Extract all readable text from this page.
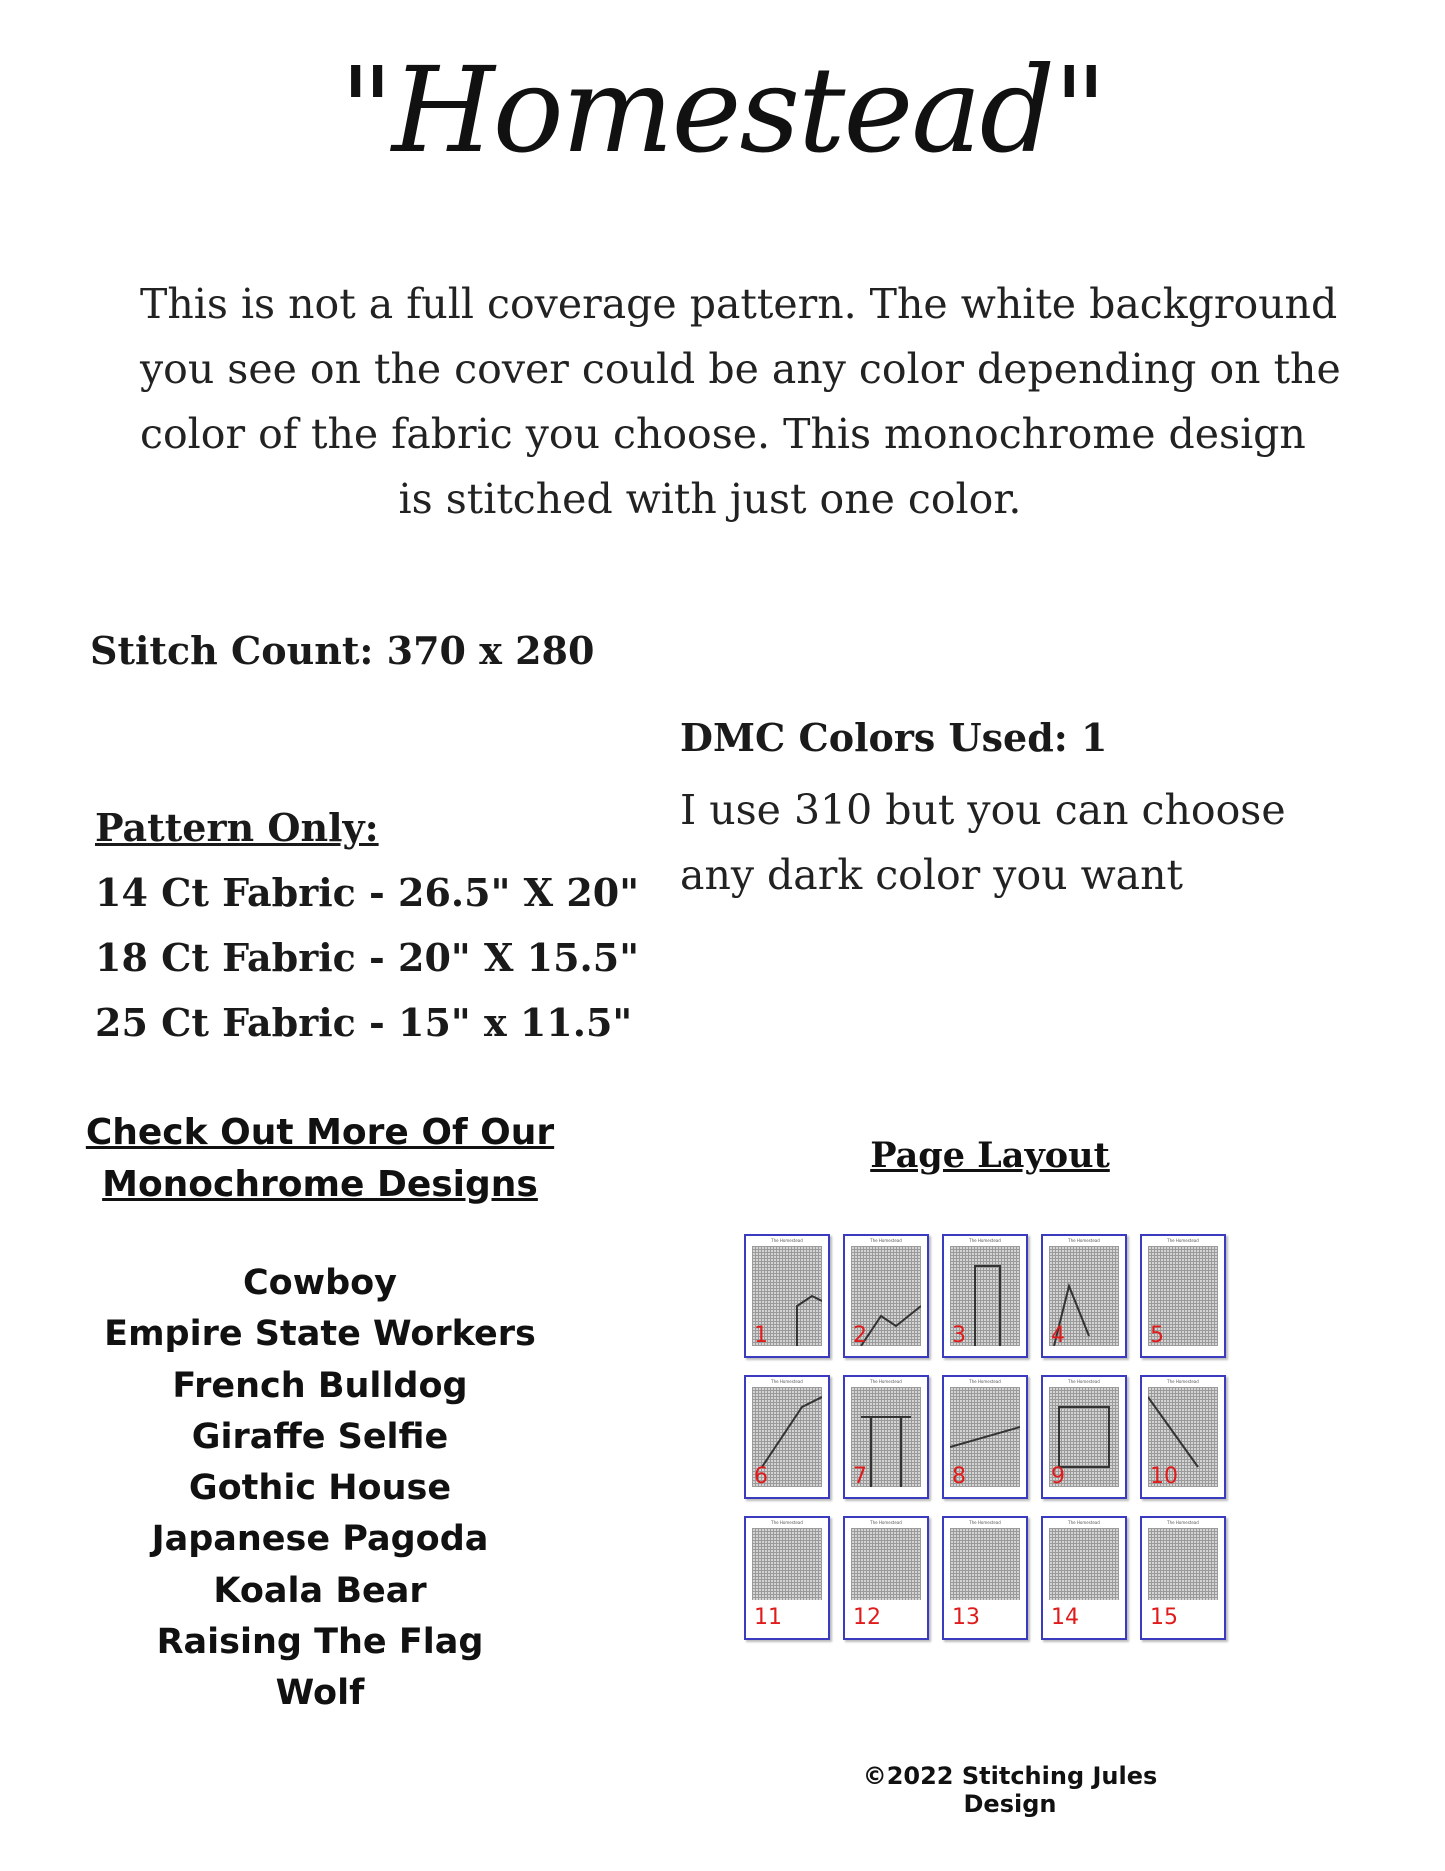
"Homestead"
This is not a full coverage pattern. The white background
you see on the cover could be any color depending on the
color of the fabric you choose. This monochrome design
is stitched with just one color.
Stitch Count: 370 x 280
DMC Colors Used: 1
I use 310 but you can choose
any dark color you want
Pattern Only:
14 Ct Fabric - 26.5" X 20"
18 Ct Fabric - 20" X 15.5"
25 Ct Fabric - 15" x 11.5"
Check Out More Of Our
Monochrome Designs
Cowboy
Empire State Workers
French Bulldog
Giraffe Selfie
Gothic House
Japanese Pagoda
Koala Bear
Raising The Flag
Wolf
Page Layout
The Homestead
1
The Homestead
2
The Homestead
3
The Homestead
4
The Homestead
5
The Homestead
6
The Homestead
7
The Homestead
8
The Homestead
9
The Homestead
10
The Homestead
11
The Homestead
12
The Homestead
13
The Homestead
14
The Homestead
15
©2022 Stitching Jules Design
